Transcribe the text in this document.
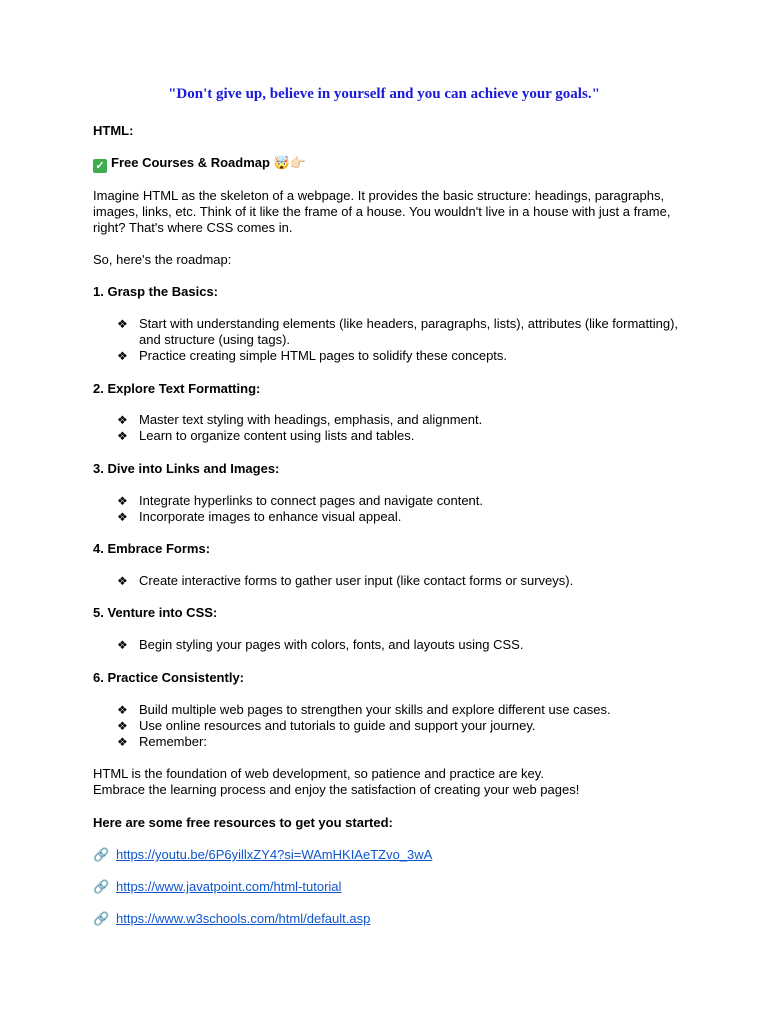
"Don't give up, believe in yourself and you can achieve your goals."
HTML:
✓ Free Courses & Roadmap 🤯👉🏻
Imagine HTML as the skeleton of a webpage. It provides the basic structure: headings, paragraphs,
images, links, etc. Think of it like the frame of a house. You wouldn't live in a house with just a frame,
right? That's where CSS comes in.
So, here's the roadmap:
1. Grasp the Basics:
❖ Start with understanding elements (like headers, paragraphs, lists), attributes (like formatting),
and structure (using tags).
❖ Practice creating simple HTML pages to solidify these concepts.
2. Explore Text Formatting:
❖ Master text styling with headings, emphasis, and alignment.
❖ Learn to organize content using lists and tables.
3. Dive into Links and Images:
❖ Integrate hyperlinks to connect pages and navigate content.
❖ Incorporate images to enhance visual appeal.
4. Embrace Forms:
❖ Create interactive forms to gather user input (like contact forms or surveys).
5. Venture into CSS:
❖ Begin styling your pages with colors, fonts, and layouts using CSS.
6. Practice Consistently:
❖ Build multiple web pages to strengthen your skills and explore different use cases.
❖ Use online resources and tutorials to guide and support your journey.
❖ Remember:
HTML is the foundation of web development, so patience and practice are key.
Embrace the learning process and enjoy the satisfaction of creating your web pages!
Here are some free resources to get you started:
🔗 https://youtu.be/6P6yillxZY4?si=WAmHKIAeTZvo_3wA
🔗 https://www.javatpoint.com/html-tutorial
🔗 https://www.w3schools.com/html/default.asp
